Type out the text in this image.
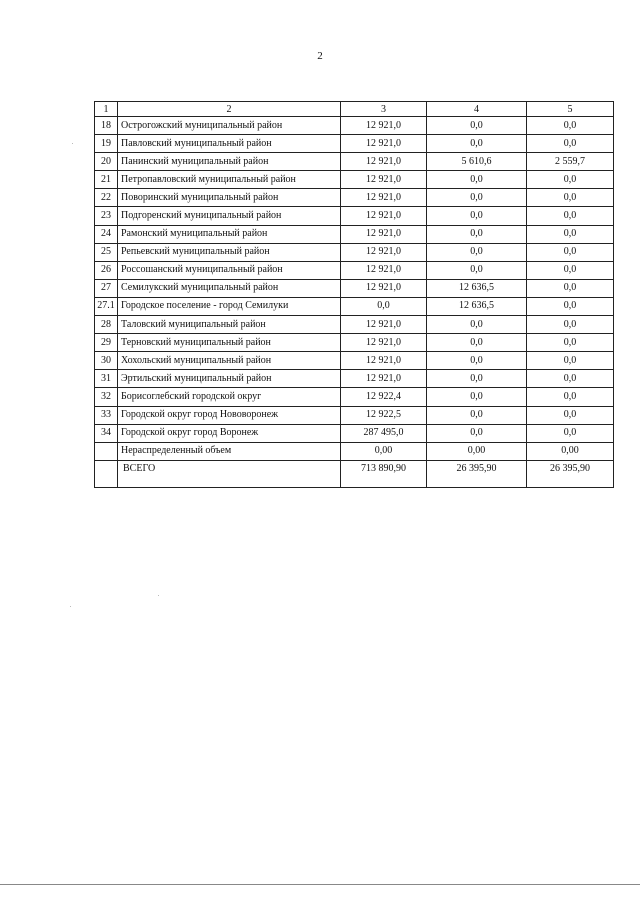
2
1	2	3	4	5
18	Острогожский муниципальный район	12 921,0	0,0	0,0
19	Павловский муниципальный район	12 921,0	0,0	0,0
20	Панинский муниципальный район	12 921,0	5 610,6	2 559,7
21	Петропавловский муниципальный район	12 921,0	0,0	0,0
22	Поворинский муниципальный район	12 921,0	0,0	0,0
23	Подгоренский муниципальный район	12 921,0	0,0	0,0
24	Рамонский муниципальный район	12 921,0	0,0	0,0
25	Репьевский муниципальный район	12 921,0	0,0	0,0
26	Россошанский муниципальный район	12 921,0	0,0	0,0
27	Семилукский муниципальный район	12 921,0	12 636,5	0,0
27.1	Городское поселение - город Семилуки	0,0	12 636,5	0,0
28	Таловский муниципальный район	12 921,0	0,0	0,0
29	Терновский муниципальный район	12 921,0	0,0	0,0
30	Хохольский муниципальный район	12 921,0	0,0	0,0
31	Эртильский муниципальный район	12 921,0	0,0	0,0
32	Борисоглебский городской округ	12 922,4	0,0	0,0
33	Городской округ город Нововоронеж	12 922,5	0,0	0,0
34	Городской округ город Воронеж	287 495,0	0,0	0,0
	Нераспределенный объем	0,00	0,00	0,00
	ВСЕГО	713 890,90	26 395,90	26 395,90
